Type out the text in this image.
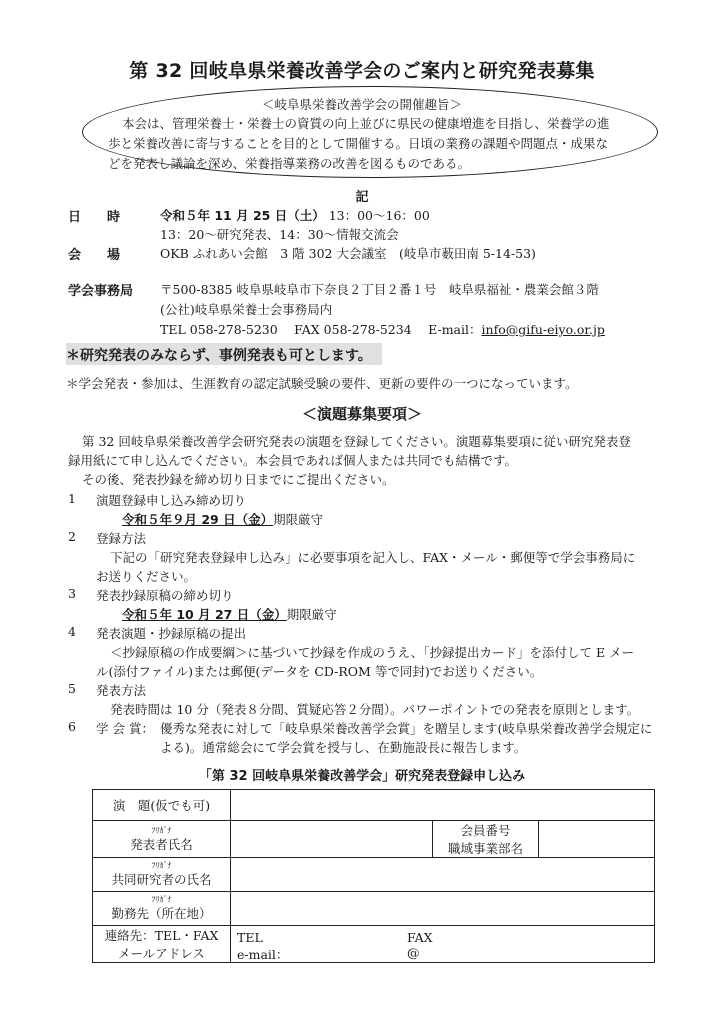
第 32 回岐阜県栄養改善学会のご案内と研究発表募集
＜岐阜県栄養改善学会の開催趣旨＞
本会は、管理栄養士・栄養士の資質の向上並びに県民の健康増進を目指し、栄養学の進
歩と栄養改善に寄与することを目的として開催する。日頃の業務の課題や問題点・成果な
どを発表し議論を深め、栄養指導業務の改善を図るものである。
記
日　　時	令和５年 11 月 25 日（土） 13：00～16：00
13：20～研究発表、14：30～情報交流会
会　　場	OKB ふれあい会館　3 階 302 大会議室　(岐阜市薮田南 5-14-53)
学会事務局 〒500-8385 岐阜県岐阜市下奈良２丁目２番１号　岐阜県福祉・農業会館３階
(公社)岐阜県栄養士会事務局内
TEL 058-278-5230　 FAX 058-278-5234　 E-mail：info@gifu-eiyo.or.jp
＊研究発表のみならず、事例発表も可とします。
＊学会発表・参加は、生涯教育の認定試験受験の要件、更新の要件の一つになっています。
＜演題募集要項＞
第 32 回岐阜県栄養改善学会研究発表の演題を登録してください。演題募集要項に従い研究発表登
録用紙にて申し込んでください。本会員であれば個人または共同でも結構です。
その後、発表抄録を締め切り日までにご提出ください。
1 演題登録申し込み締め切り
令和５年９月 29 日（金）期限厳守
2 登録方法
下記の「研究発表登録申し込み」に必要事項を記入し、FAX・メール・郵便等で学会事務局に
お送りください。
3 発表抄録原稿の締め切り
令和５年 10 月 27 日（金）期限厳守
4 発表演題・抄録原稿の提出
＜抄録原稿の作成要綱＞に基づいて抄録を作成のうえ、「抄録提出カード」を添付して E メー
ル(添付ファイル)または郵便(データを CD-ROM 等で同封)でお送りください。
5 発表方法
発表時間は 10 分（発表８分間、質疑応答２分間）。パワーポイントでの発表を原則とします。
6 学 会 賞： 優秀な発表に対して「岐阜県栄養改善学会賞」を贈呈します(岐阜県栄養改善学会規定に
よる)。通常総会にて学会賞を授与し、在勤施設長に報告します。
「第 32 回岐阜県栄養改善学会」研究発表登録申し込み
演　題(仮でも可)			

ﾌﾘｶﾞﾅ
発表者氏名		会員番号
職域事業部名	

ﾌﾘｶﾞﾅ
共同研究者の氏名			

ﾌﾘｶﾞﾅ
勤務先（所在地）			

連絡先：TEL・FAX
メールアドレス	TEL FAX
e-mail： @		
